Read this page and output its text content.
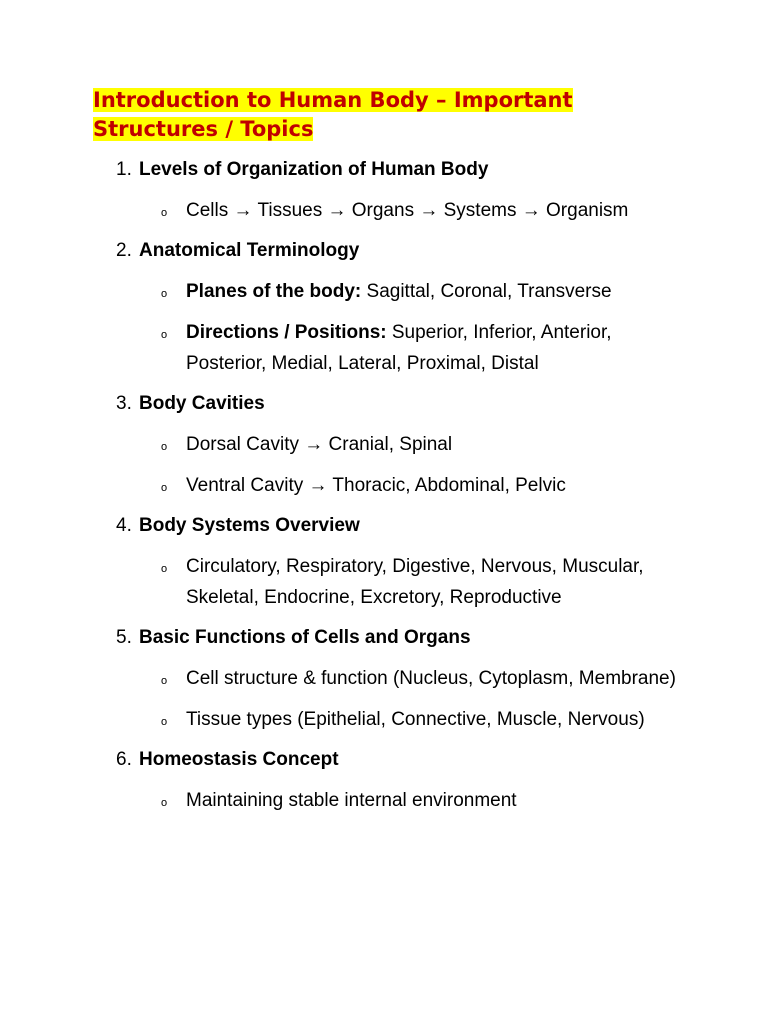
Introduction to Human Body – Important
Structures / Topics
1. Levels of Organization of Human Body
o Cells → Tissues → Organs → Systems → Organism
2. Anatomical Terminology
o Planes of the body: Sagittal, Coronal, Transverse
o Directions / Positions: Superior, Inferior, Anterior, Posterior, Medial, Lateral, Proximal, Distal
3. Body Cavities
o Dorsal Cavity → Cranial, Spinal
o Ventral Cavity → Thoracic, Abdominal, Pelvic
4. Body Systems Overview
o Circulatory, Respiratory, Digestive, Nervous, Muscular, Skeletal, Endocrine, Excretory, Reproductive
5. Basic Functions of Cells and Organs
o Cell structure & function (Nucleus, Cytoplasm, Membrane)
o Tissue types (Epithelial, Connective, Muscle, Nervous)
6. Homeostasis Concept
o Maintaining stable internal environment
